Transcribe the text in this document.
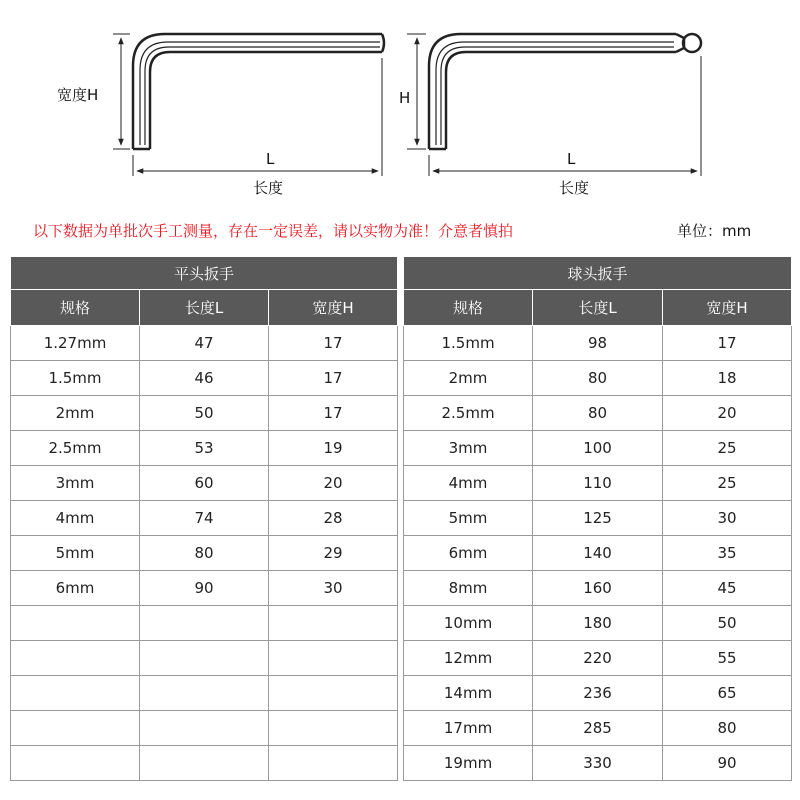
宽度H
L
长度
H
L
长度
以下数据为单批次手工测量，存在一定误差，请以实物为准！介意者慎拍	单位：mm
平头扳手				球头扳手		
规格	长度L	宽度H		规格	长度L	宽度H
1.27mm	47	17		1.5mm	98	17
1.5mm	46	17		2mm	80	18
2mm	50	17		2.5mm	80	20
2.5mm	53	19		3mm	100	25
3mm	60	20		4mm	110	25
4mm	74	28		5mm	125	30
5mm	80	29		6mm	140	35
6mm	90	30		8mm	160	45
				10mm	180	50
				12mm	220	55
				14mm	236	65
				17mm	285	80
				19mm	330	90
